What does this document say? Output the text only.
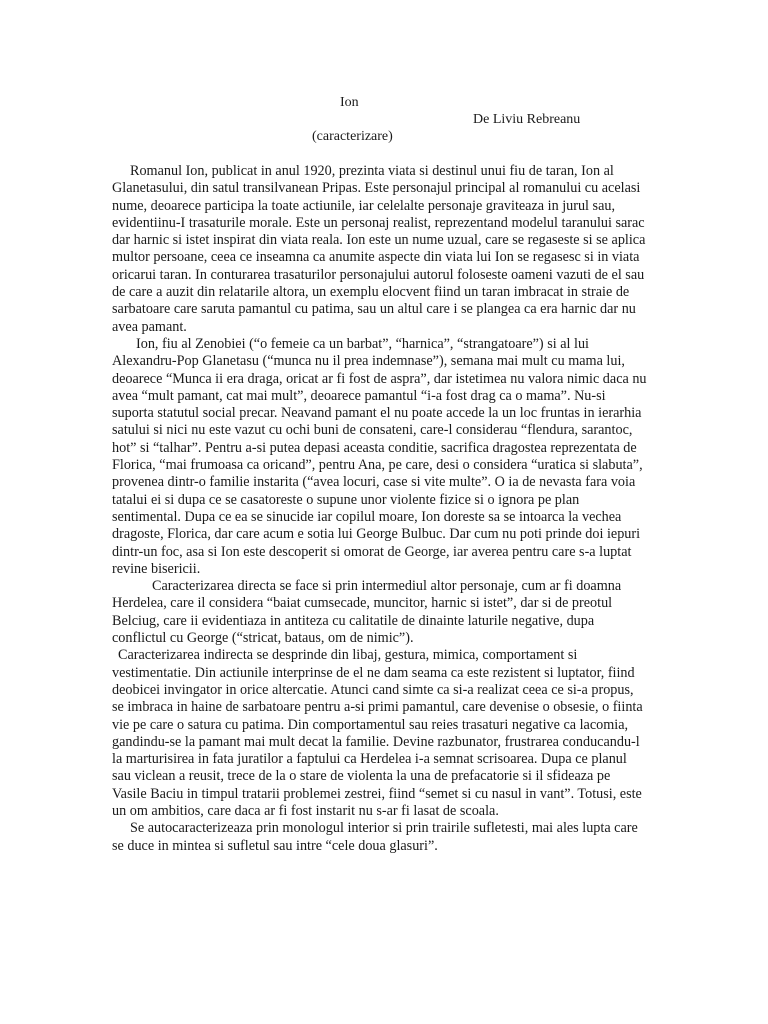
Ion

De Liviu Rebreanu

(caracterizare)

Romanul Ion, publicat in anul 1920, prezinta viata si destinul unui fiu de taran, Ion al Glanetasului, din satul transilvanean Pripas. Este personajul principal al romanului cu acelasi nume, deoarece participa la toate actiunile, iar celelalte personaje graviteaza in jurul sau, evidentiinu-I trasaturile morale. Este un personaj realist, reprezentand modelul taranului sarac dar harnic si istet inspirat din viata reala. Ion este un nume uzual, care se regaseste si se aplica multor persoane, ceea ce inseamna ca anumite aspecte din viata lui Ion se regasesc si in viata oricarui taran. In conturarea trasaturilor personajului autorul foloseste oameni vazuti de el sau de care a auzit din relatarile altora, un exemplu elocvent fiind un taran imbracat in straie de sarbatoare care saruta pamantul cu patima, sau un altul care i se plangea ca era harnic dar nu avea pamant.

Ion, fiu al Zenobiei (“o femeie ca un barbat”, “harnica”, “strangatoare”) si al lui Alexandru-Pop Glanetasu (“munca nu il prea indemnase”), semana mai mult cu mama lui, deoarece “Munca ii era draga, oricat ar fi fost de aspra”, dar istetimea nu valora nimic daca nu avea “mult pamant, cat mai mult”, deoarece pamantul “i-a fost drag ca o mama”. Nu-si suporta statutul social precar. Neavand pamant el nu poate accede la un loc fruntas in ierarhia satului si nici nu este vazut cu ochi buni de consateni, care-l considerau “flendura, sarantoc, hot” si “talhar”. Pentru a-si putea depasi aceasta conditie, sacrifica dragostea reprezentata de Florica, “mai frumoasa ca oricand”, pentru Ana, pe care, desi o considera “uratica si slabuta”, provenea dintr-o familie instarita (“avea locuri, case si vite multe”. O ia de nevasta fara voia tatalui ei si dupa ce se casatoreste o supune unor violente fizice si o ignora pe plan sentimental. Dupa ce ea se sinucide iar copilul moare, Ion doreste sa se intoarca la vechea dragoste, Florica, dar care acum e sotia lui George Bulbuc. Dar cum nu poti prinde doi iepuri dintr-un foc, asa si Ion este descoperit si omorat de George, iar averea pentru care s-a luptat revine bisericii.

Caracterizarea directa se face si prin intermediul altor personaje, cum ar fi doamna Herdelea, care il considera “baiat cumsecade, muncitor, harnic si istet”, dar si de preotul Belciug, care ii evidentiaza in antiteza cu calitatile de dinainte laturile negative, dupa conflictul cu George (“stricat, bataus, om de nimic”).

Caracterizarea indirecta se desprinde din libaj, gestura, mimica, comportament si vestimentatie. Din actiunile interprinse de el ne dam seama ca este rezistent si luptator, fiind deobicei invingator in orice altercatie. Atunci cand simte ca si-a realizat ceea ce si-a propus, se imbraca in haine de sarbatoare pentru a-si primi pamantul, care devenise o obsesie, o fiinta vie pe care o satura cu patima. Din comportamentul sau reies trasaturi negative ca lacomia, gandindu-se la pamant mai mult decat la familie. Devine razbunator, frustrarea conducandu-l la marturisirea in fata juratilor a faptului ca Herdelea i-a semnat scrisoarea. Dupa ce planul sau viclean a reusit, trece de la o stare de violenta la una de prefacatorie si il sfideaza pe Vasile Baciu in timpul tratarii problemei zestrei, fiind “semet si cu nasul in vant”. Totusi, este un om ambitios, care daca ar fi fost instarit nu s-ar fi lasat de scoala.

Se autocaracterizeaza prin monologul interior si prin trairile sufletesti, mai ales lupta care se duce in mintea si sufletul sau intre “cele doua glasuri”.
